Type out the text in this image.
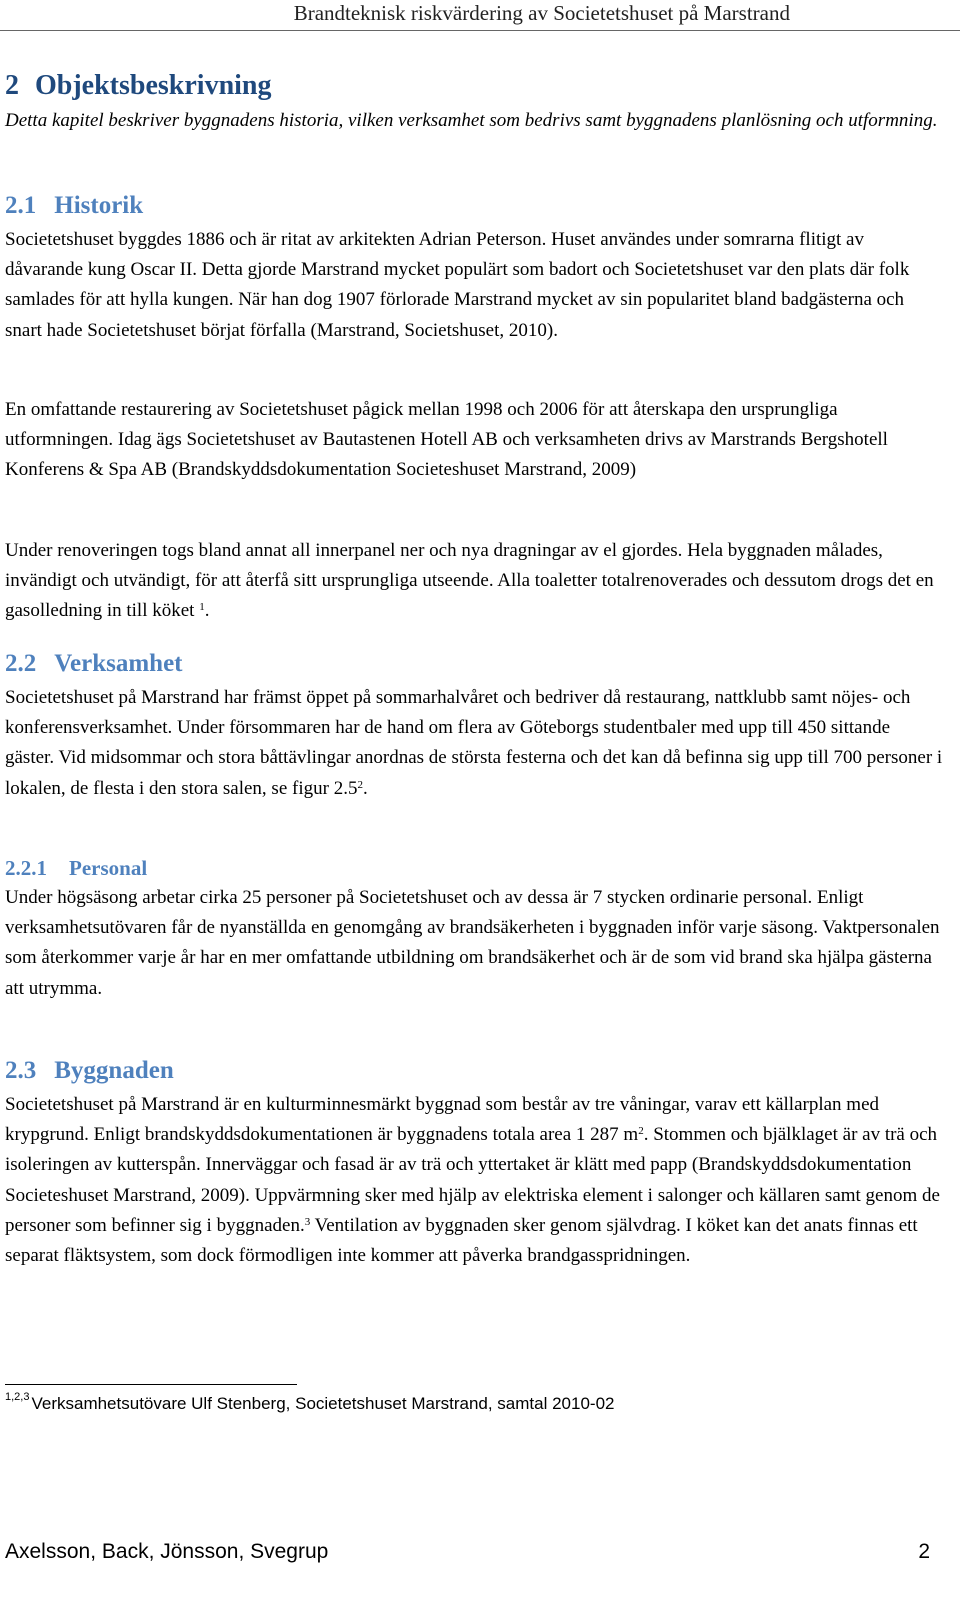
Brandteknisk riskvärdering av Societetshuset på Marstrand
2 Objektsbeskrivning
Detta kapitel beskriver byggnadens historia, vilken verksamhet som bedrivs samt byggnadens planlösning och utformning.
2.1 Historik
Societetshuset byggdes 1886 och är ritat av arkitekten Adrian Peterson. Huset användes under somrarna flitigt av dåvarande kung Oscar II. Detta gjorde Marstrand mycket populärt som badort och Societetshuset var den plats där folk samlades för att hylla kungen. När han dog 1907 förlorade Marstrand mycket av sin popularitet bland badgästerna och snart hade Societetshuset börjat förfalla (Marstrand, Societshuset, 2010).
En omfattande restaurering av Societetshuset pågick mellan 1998 och 2006 för att återskapa den ursprungliga utformningen. Idag ägs Societetshuset av Bautastenen Hotell AB och verksamheten drivs av Marstrands Bergshotell Konferens & Spa AB (Brandskyddsdokumentation Societeshuset Marstrand, 2009)
Under renoveringen togs bland annat all innerpanel ner och nya dragningar av el gjordes. Hela byggnaden målades, invändigt och utvändigt, för att återfå sitt ursprungliga utseende. Alla toaletter totalrenoverades och dessutom drogs det en gasolledning in till köket $^1$.
2.2 Verksamhet
Societetshuset på Marstrand har främst öppet på sommarhalvåret och bedriver då restaurang, nattklubb samt nöjes- och konferensverksamhet. Under försommaren har de hand om flera av Göteborgs studentbaler med upp till 450 sittande gäster. Vid midsommar och stora båttävlingar anordnas de största festerna och det kan då befinna sig upp till 700 personer i lokalen, de flesta i den stora salen, se figur $2.5^2$.
2.2.1 Personal
Under högsäsong arbetar cirka 25 personer på Societetshuset och av dessa är 7 stycken ordinarie personal. Enligt verksamhetsutövaren får de nyanställda en genomgång av brandsäkerheten i byggnaden inför varje säsong. Vaktpersonalen som återkommer varje år har en mer omfattande utbildning om brandsäkerhet och är de som vid brand ska hjälpa gästerna att utrymma.
2.3 Byggnaden
Societetshuset på Marstrand är en kulturminnesmärkt byggnad som består av tre våningar, varav ett källarplan med krypgrund. Enligt brandskyddsdokumentationen är byggnadens totala area 1 287 $m^2$. Stommen och bjälklaget är av trä och isoleringen av kutterspån. Innerväggar och fasad är av trä och yttertaket är klätt med papp (Brandskyddsdokumentation Societeshuset Marstrand, 2009). Uppvärmning sker med hjälp av elektriska element i salonger och källaren samt genom de personer som befinner sig i byggnaden.$^3$ Ventilation av byggnaden sker genom självdrag. I köket kan det anats finnas ett separat fläktsystem, som dock förmodligen inte kommer att påverka brandgasspridningen.
$^{1,2,3}$ Verksamhetsutövare Ulf Stenberg, Societetshuset Marstrand, samtal 2010-02
Axelsson, Back, Jönsson, Svegrup	2
